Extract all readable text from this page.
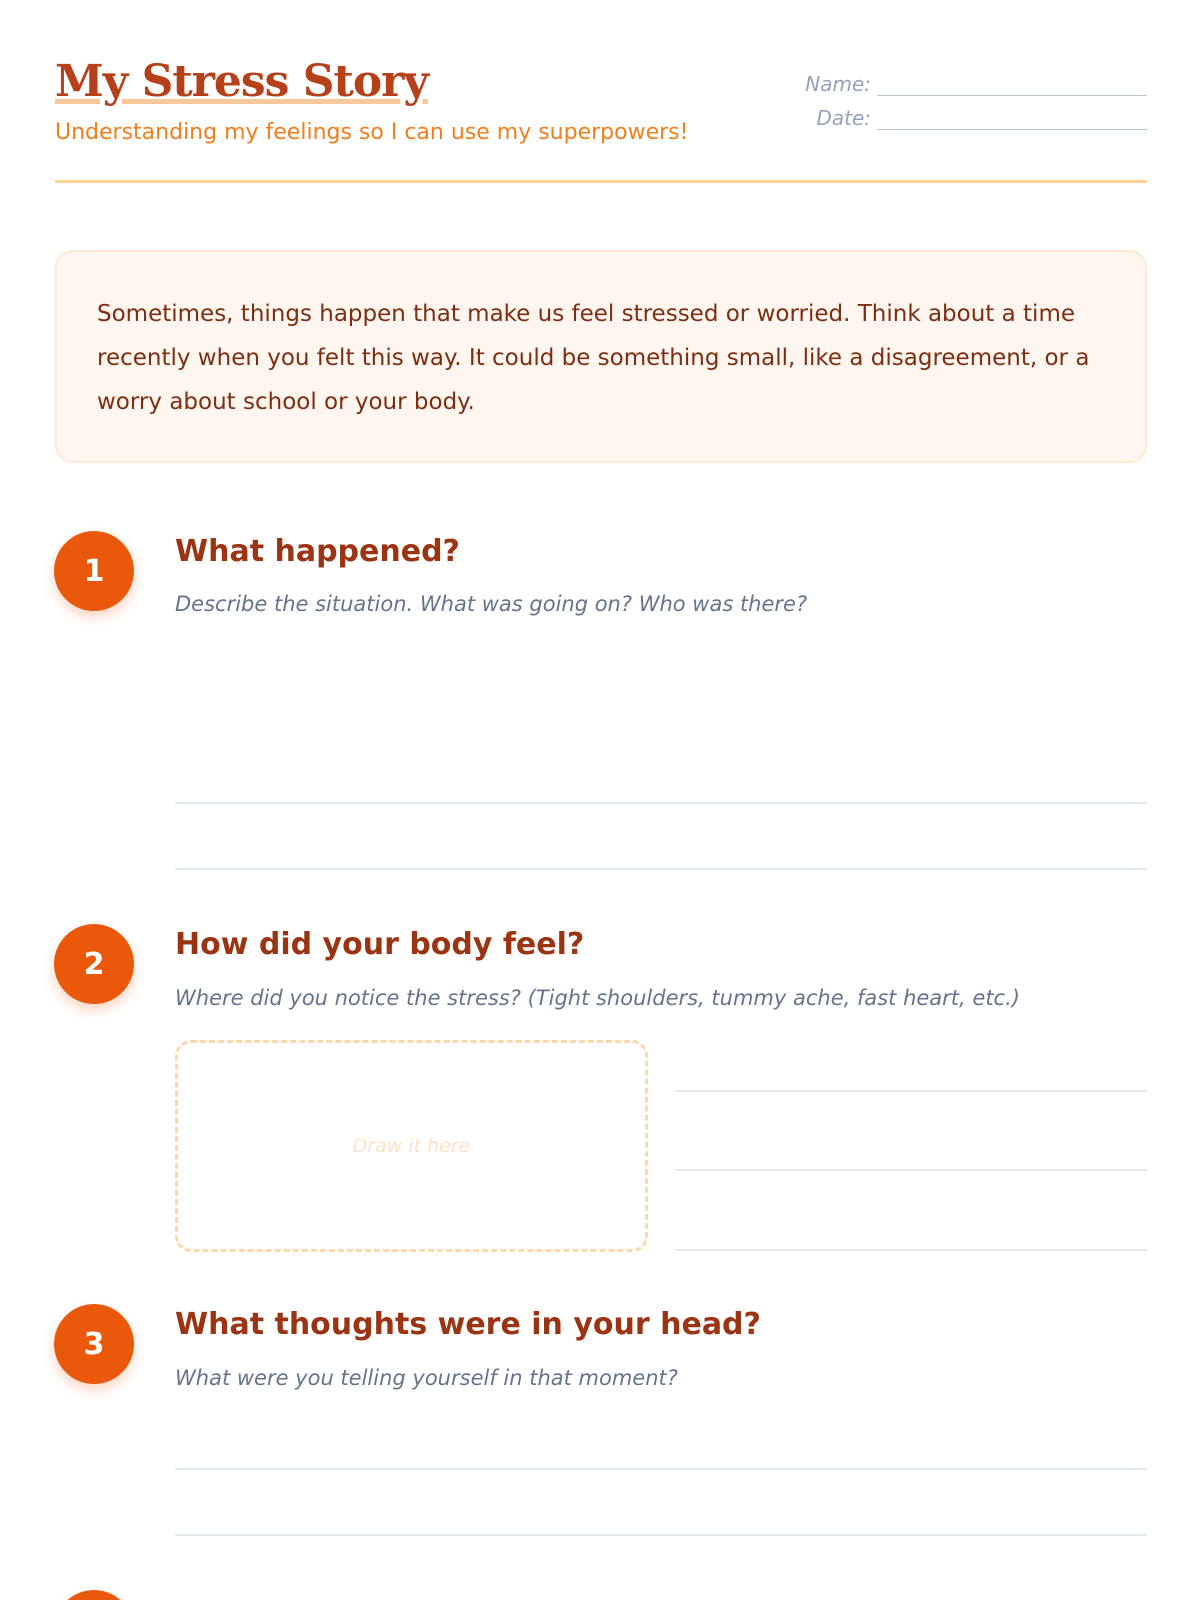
My Stress Story
Understanding my feelings so I can use my superpowers!
Name:
Date:

Sometimes, things happen that make us feel stressed or worried. Think about a time recently when you felt this way. It could be something small, like a disagreement, or a worry about school or your body.

1
What happened?
Describe the situation. What was going on? Who was there?
2
How did your body feel?
Where did you notice the stress? (Tight shoulders, tummy ache, fast heart, etc.)
Draw it here
3
What thoughts were in your head?
What were you telling yourself in that moment?
